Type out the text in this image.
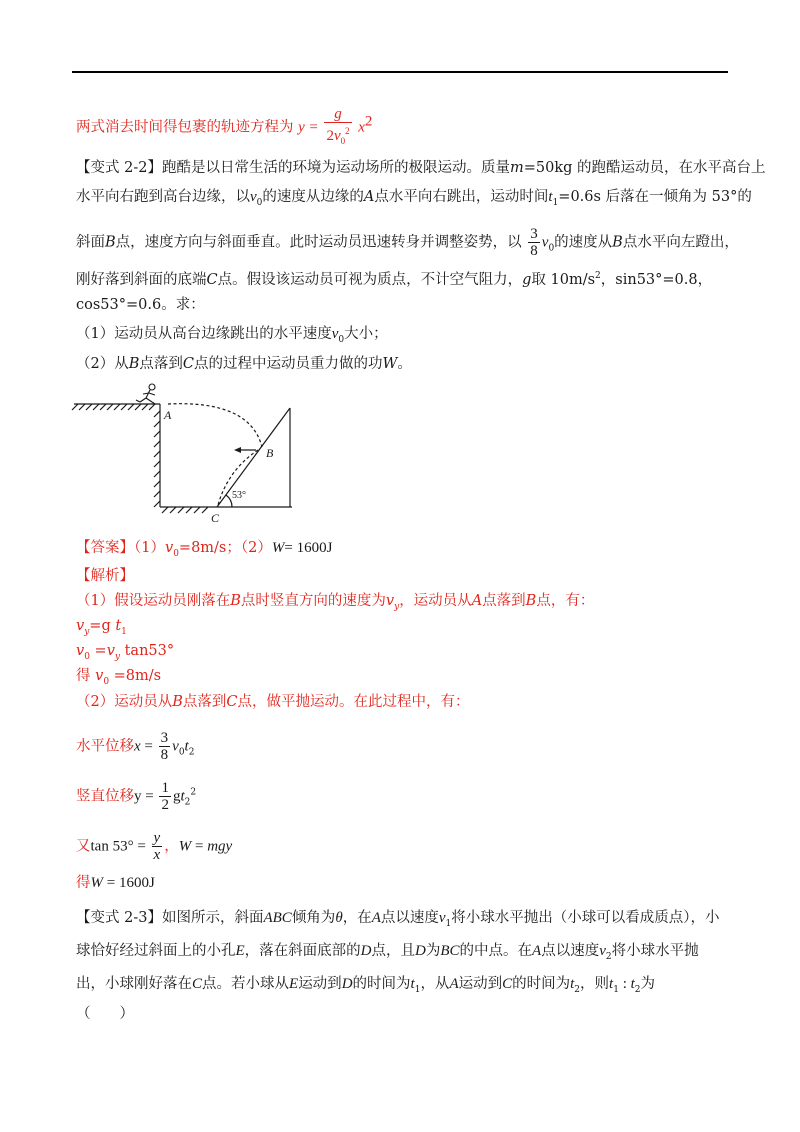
两式消去时间得包裹的轨迹方程为 $y = \frac{g}{2v_0^2} x^2$
【变式 2-2】跑酷是以日常生活的环境为运动场所的极限运动。质量m=50kg 的跑酷运动员，在水平高台上
水平向右跑到高台边缘，以$v_0$的速度从边缘的A点水平向右跳出，运动时间$t_1=0.6s$ 后落在一倾角为 53°的
斜面B点，速度方向与斜面垂直。此时运动员迅速转身并调整姿势，以 $\frac{3}{8} v_0$的速度从B点水平向左蹬出，
刚好落到斜面的底端C点。假设该运动员可视为质点，不计空气阻力，g取 $10m/s^2$，sin53°=0.8，
cos53°=0.6。求：
（1）运动员从高台边缘跳出的水平速度$v_0$大小；
（2）从B点落到C点的过程中运动员重力做的功W。
A
B
C
53°
【答案】$(1)v_0=8m/s$；（2）W= 1600J
【解析】
（1）假设运动员刚落在B点时竖直方向的速度为$v_y$，运动员从A点落到B点，有：
$v_y=g$ $t_1$
$v_0 =v_y$ tan53°
得 $v_0 =8m/s$
（2）运动员从B点落到C点，做平抛运动。在此过程中，有：
水平位移$x = \frac{3}{8} v_0t_2$
竖直位移$y = \frac{1}{2} gt_2^2$
又$\tan 53^\circ = \frac{y}{x}$ ，W = mgy
得W = 1600J
【变式 2-3】如图所示，斜面ABC倾角为θ，在A点以速度$v_1$将小球水平抛出（小球可以看成质点），小
球恰好经过斜面上的小孔E，落在斜面底部的D点，且D为BC的中点。在A点以速度$v_2$将小球水平抛
出，小球刚好落在C点。若小球从E运动到D的时间为$t_1$，从A运动到C的时间为$t_2$，则$t_1$ : $t_2$为
（　　）
